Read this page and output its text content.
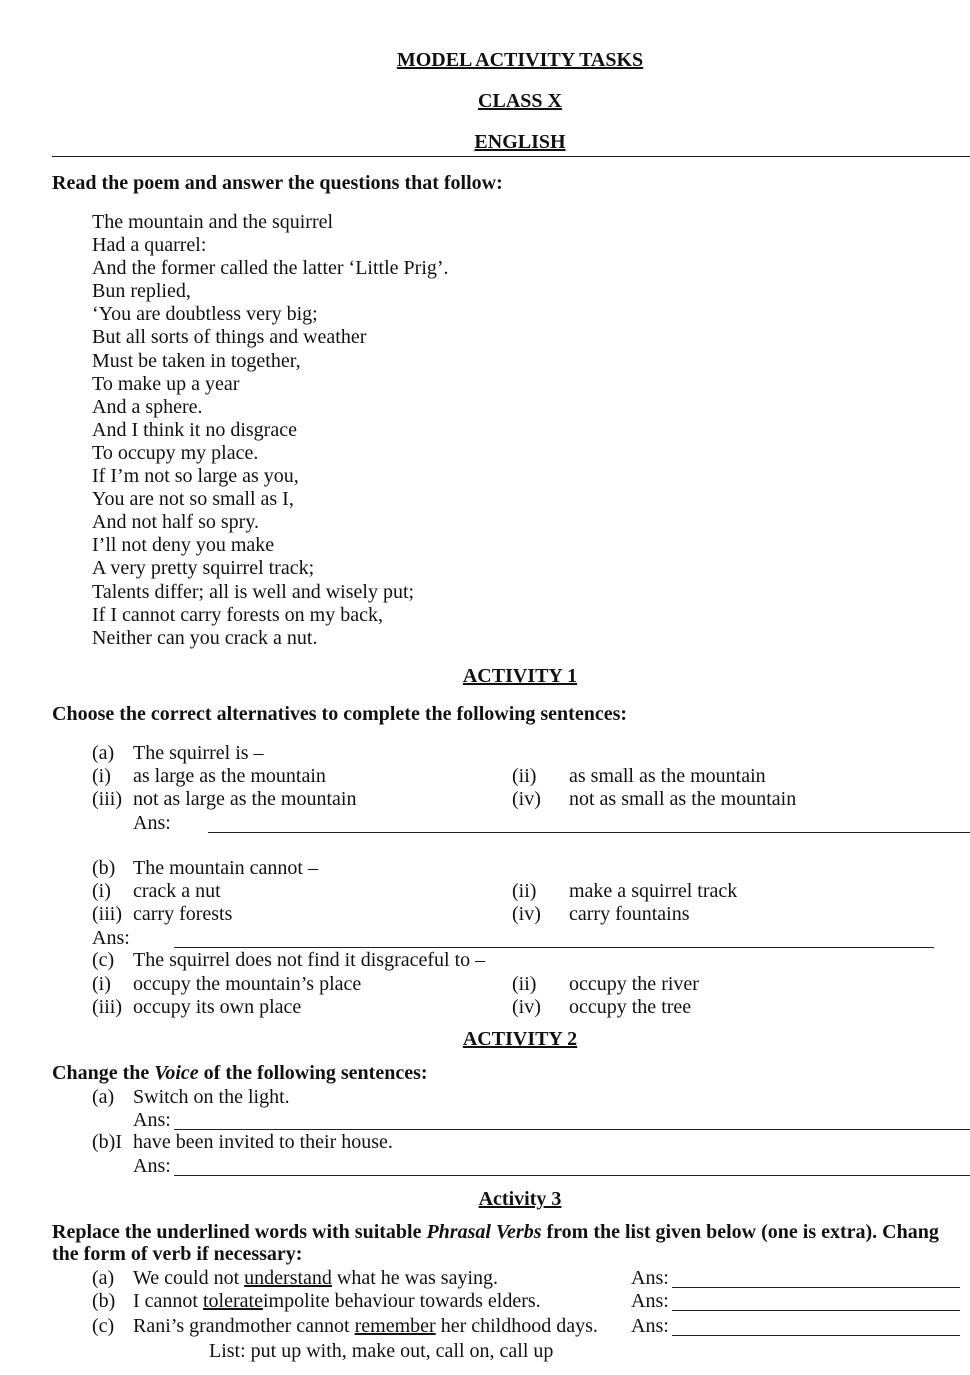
MODEL ACTIVITY TASKS
CLASS X
ENGLISH
Read the poem and answer the questions that follow:
The mountain and the squirrel
Had a quarrel:
And the former called the latter ‘Little Prig’.
Bun replied,
‘You are doubtless very big;
But all sorts of things and weather
Must be taken in together,
To make up a year
And a sphere.
And I think it no disgrace
To occupy my place.
If I’m not so large as you,
You are not so small as I,
And not half so spry.
I’ll not deny you make
A very pretty squirrel track;
Talents differ; all is well and wisely put;
If I cannot carry forests on my back,
Neither can you crack a nut.
ACTIVITY 1
Choose the correct alternatives to complete the following sentences:
(a) The squirrel is –
(i) as large as the mountain	(ii) as small as the mountain
(iii) not as large as the mountain	(iv) not as small as the mountain
Ans:
(b) The mountain cannot –
(i) crack a nut	(ii) make a squirrel track
(iii) carry forests	(iv) carry fountains
Ans:
(c) The squirrel does not find it disgraceful to –
(i) occupy the mountain’s place	(ii) occupy the river
(iii) occupy its own place	(iv) occupy the tree
ACTIVITY 2
Change the Voice of the following sentences:
(a) Switch on the light.
Ans:
(b)I have been invited to their house.
Ans:
Activity 3
Replace the underlined words with suitable Phrasal Verbs from the list given below (one is extra). Chang
the form of verb if necessary:
(a) We could not understand what he was saying.	Ans:
(b) I cannot tolerateimpolite behaviour towards elders.	Ans:
(c) Rani’s grandmother cannot remember her childhood days. Ans:
List: put up with, make out, call on, call up
